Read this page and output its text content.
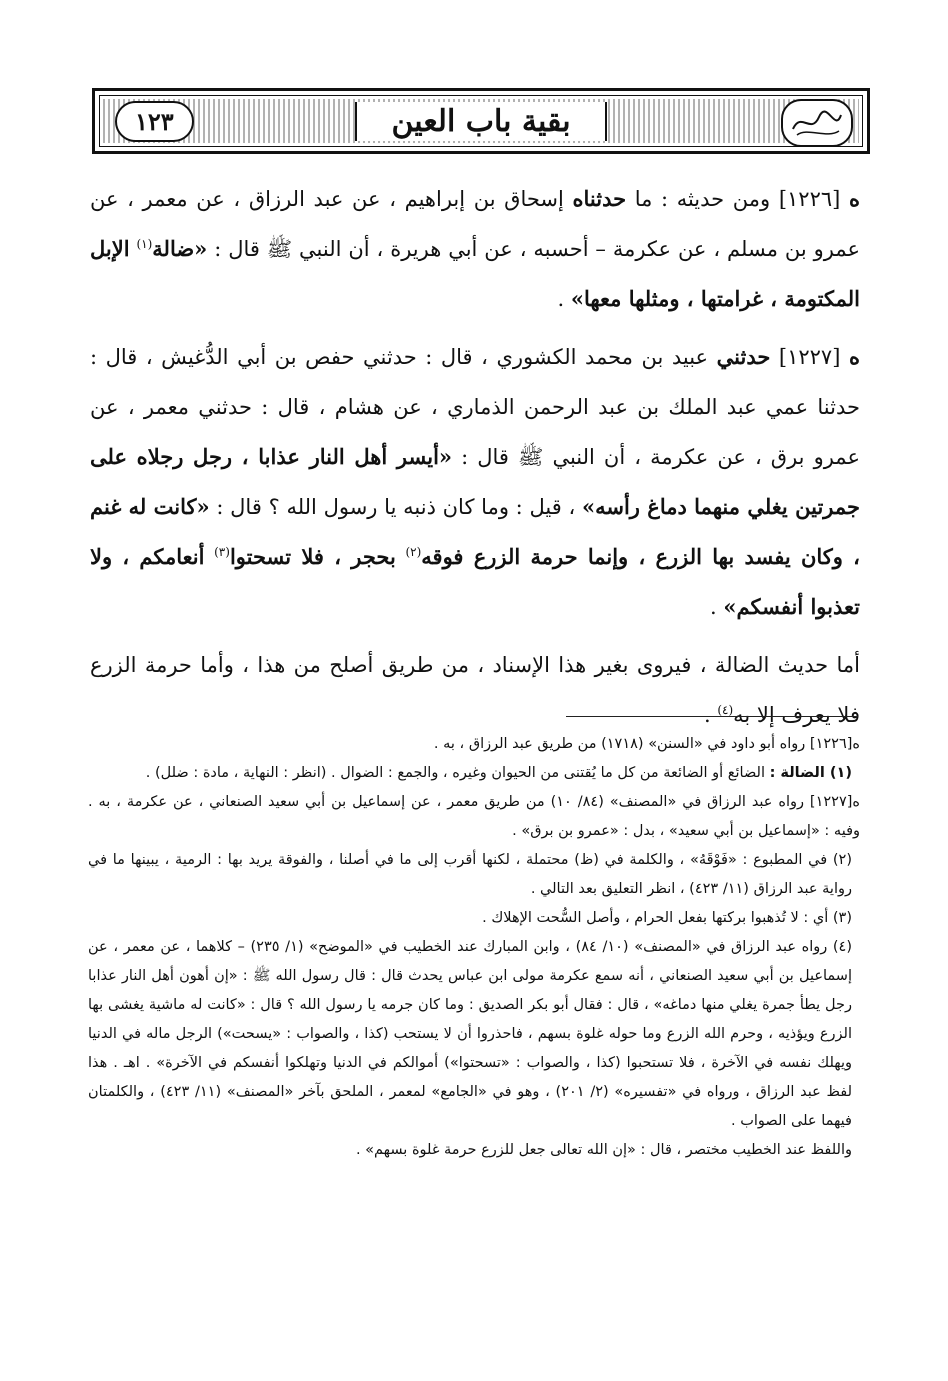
بقية باب العين
١٢٣

ه [١٢٢٦] ومن حديثه : ما حدثناه إسحاق بن إبراهيم ، عن عبد الرزاق ، عن معمر ، عن عمرو بن مسلم ، عن عكرمة – أحسبه ، عن أبي هريرة ، أن النبي ﷺ قال : «ضالة$^{(١)}$ الإبل المكتومة ، غرامتها ، ومثلها معها» .

ه [١٢٢٧] حدثني عبيد بن محمد الكشوري ، قال : حدثني حفص بن أبي الدُّغيش ، قال : حدثنا عمي عبد الملك بن عبد الرحمن الذماري ، عن هشام ، قال : حدثني معمر ، عن عمرو برق ، عن عكرمة ، أن النبي ﷺ قال : «أيسر أهل النار عذابا ، رجل رجلاه على جمرتين يغلي منهما دماغ رأسه» ، قيل : وما كان ذنبه يا رسول الله ؟ قال : «كانت له غنم ، وكان يفسد بها الزرع ، وإنما حرمة الزرع فوقه$^{(٢)}$ بحجر ، فلا تسحتوا$^{(٣)}$ أنعامكم ، ولا تعذبوا أنفسكم» .

أما حديث الضالة ، فيروى بغير هذا الإسناد ، من طريق أصلح من هذا ، وأما حرمة الزرع فلا يعرف إلا به$^{(٤)}$ .

ه[١٢٢٦] رواه أبو داود في «السنن» (١٧١٨) من طريق عبد الرزاق ، به .

(١) الضالة : الضائع أو الضائعة من كل ما يُقتنى من الحيوان وغيره ، والجمع : الضوال . (انظر : النهاية ، مادة : ضلل) .

ه[١٢٢٧] رواه عبد الرزاق في «المصنف» (٨٤/ ١٠) من طريق معمر ، عن إسماعيل بن أبي سعيد الصنعاني ، عن عكرمة ، به . وفيه : «إسماعيل بن أبي سعيد» ، بدل : «عمرو بن برق» .

(٢) في المطبوع : «فَوْقَهُ» ، والكلمة في (ظ) محتملة ، لكنها أقرب إلى ما في أصلنا ، والفوقة يريد بها : الرمية ، يبينها ما في رواية عبد الرزاق (١١/ ٤٢٣) ، انظر التعليق بعد التالي .

(٣) أي : لا تُذهبوا بركتها بفعل الحرام ، وأصل السُّحت الإهلاك .

(٤) رواه عبد الرزاق في «المصنف» (١٠/ ٨٤) ، وابن المبارك عند الخطيب في «الموضح» (١/ ٢٣٥) – كلاهما ، عن معمر ، عن إسماعيل بن أبي سعيد الصنعاني ، أنه سمع عكرمة مولى ابن عباس يحدث قال : قال رسول الله ﷺ : «إن أهون أهل النار عذابا رجل يطأ جمرة يغلي منها دماغه» ، قال : فقال أبو بكر الصديق : وما كان جرمه يا رسول الله ؟ قال : «كانت له ماشية يغشى بها الزرع ويؤذيه ، وحرم الله الزرع وما حوله غلوة بسهم ، فاحذروا أن لا يستحب (كذا ، والصواب : «يسحت») الرجل ماله في الدنيا ويهلك نفسه في الآخرة ، فلا تستحبوا (كذا ، والصواب : «تسحتوا») أموالكم في الدنيا وتهلكوا أنفسكم في الآخرة» . اهـ . هذا لفظ عبد الرزاق ، ورواه في «تفسيره» (٢/ ٢٠١) ، وهو في «الجامع» لمعمر ، الملحق بآخر «المصنف» (١١/ ٤٢٣) ، والكلمتان فيهما على الصواب .

واللفظ عند الخطيب مختصر ، قال : «إن الله تعالى جعل للزرع حرمة غلوة بسهم» .
